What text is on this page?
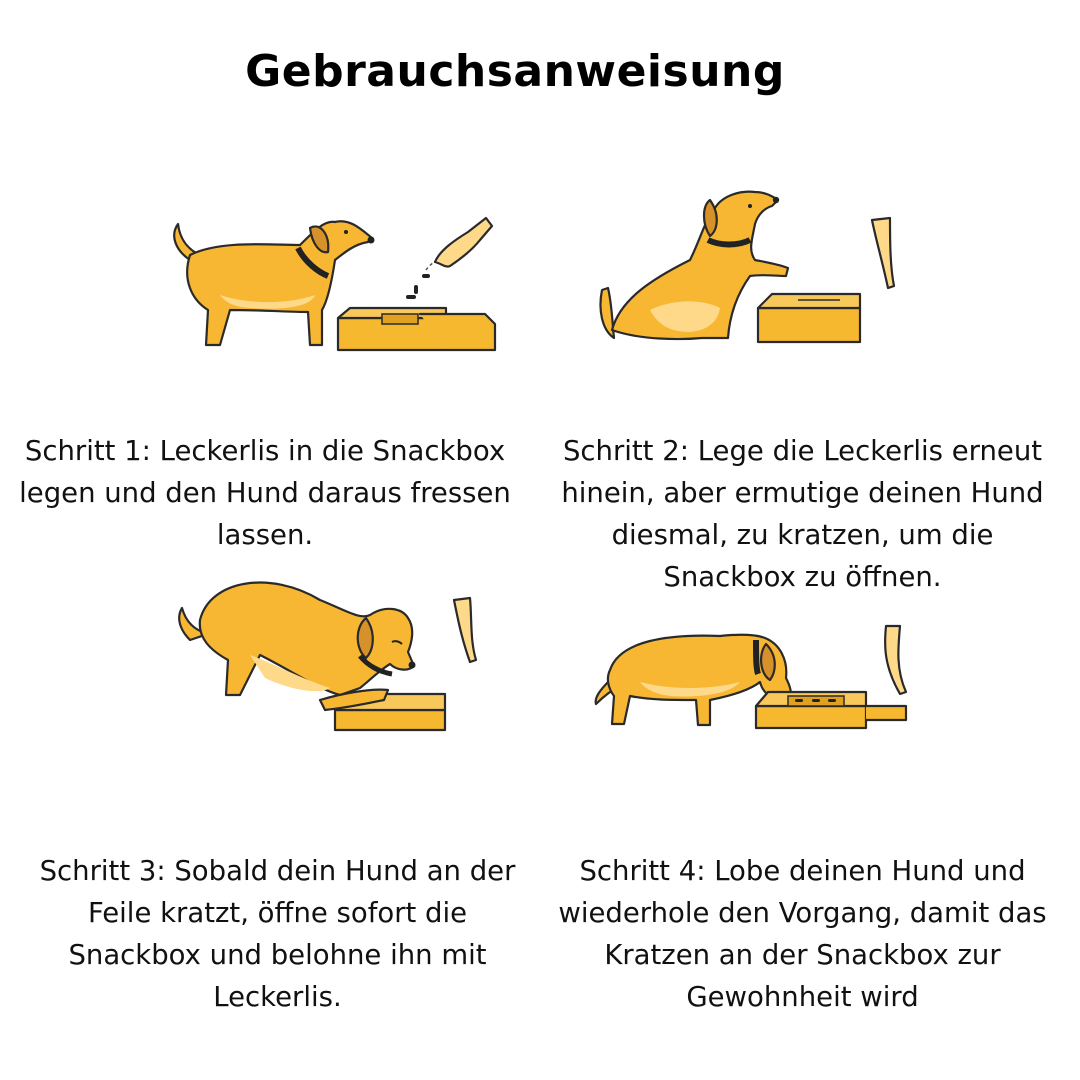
Gebrauchsanweisung
Schritt 1: Leckerlis in die Snackbox legen und den Hund daraus fressen lassen.
Schritt 2: Lege die Leckerlis erneut hinein, aber ermutige deinen Hund diesmal, zu kratzen, um die Snackbox zu öffnen.
Schritt 3: Sobald dein Hund an der Feile kratzt, öffne sofort die Snackbox und belohne ihn mit Leckerlis.
Schritt 4: Lobe deinen Hund und wiederhole den Vorgang, damit das Kratzen an der Snackbox zur Gewohnheit wird
